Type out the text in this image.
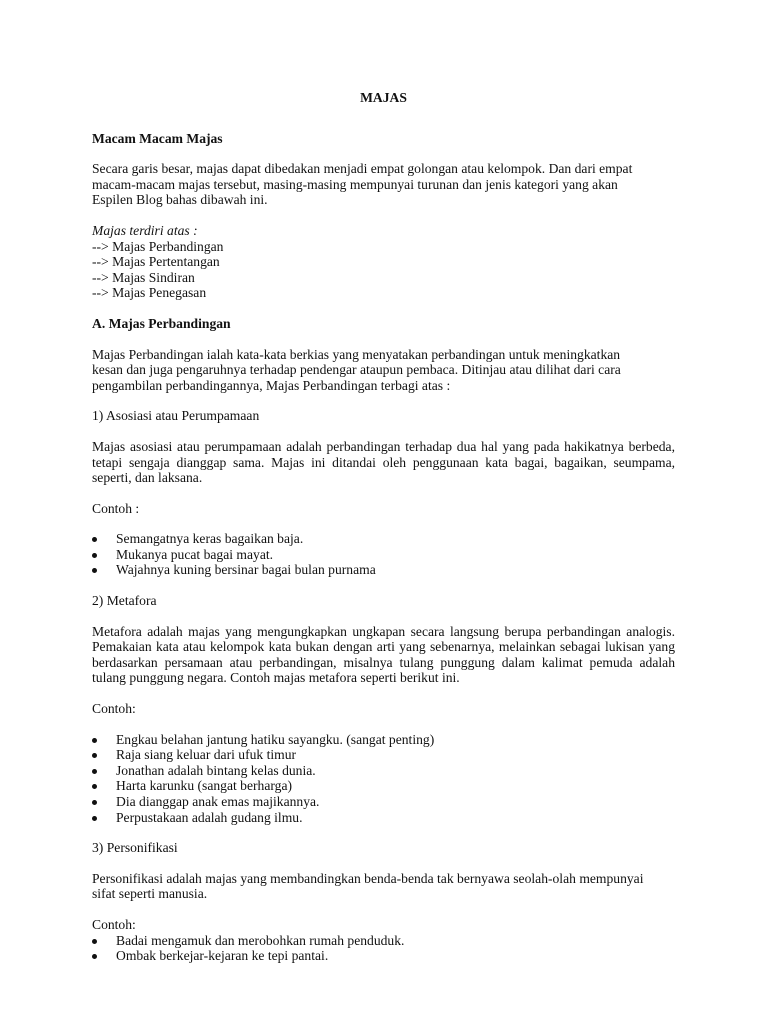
MAJAS
Macam Macam Majas

Secara garis besar, majas dapat dibedakan menjadi empat golongan atau kelompok. Dan dari empat
macam-macam majas tersebut, masing-masing mempunyai turunan dan jenis kategori yang akan
Espilen Blog bahas dibawah ini.

Majas terdiri atas :
--> Majas Perbandingan
--> Majas Pertentangan
--> Majas Sindiran
--> Majas Penegasan

A. Majas Perbandingan

Majas Perbandingan ialah kata-kata berkias yang menyatakan perbandingan untuk meningkatkan
kesan dan juga pengaruhnya terhadap pendengar ataupun pembaca. Ditinjau atau dilihat dari cara
pengambilan perbandingannya, Majas Perbandingan terbagi atas :

1) Asosiasi atau Perumpamaan

Majas asosiasi atau perumpamaan adalah perbandingan terhadap dua hal yang pada hakikatnya berbeda, tetapi sengaja dianggap sama. Majas ini ditandai oleh penggunaan kata bagai, bagaikan, seumpama, seperti, dan laksana.

Contoh :

Semangatnya keras bagaikan baja.
Mukanya pucat bagai mayat.
Wajahnya kuning bersinar bagai bulan purnama

2) Metafora

Metafora adalah majas yang mengungkapkan ungkapan secara langsung berupa perbandingan analogis. Pemakaian kata atau kelompok kata bukan dengan arti yang sebenarnya, melainkan sebagai lukisan yang berdasarkan persamaan atau perbandingan, misalnya tulang punggung dalam kalimat pemuda adalah tulang punggung negara. Contoh majas metafora seperti berikut ini.

Contoh:

Engkau belahan jantung hatiku sayangku. (sangat penting)
Raja siang keluar dari ufuk timur
Jonathan adalah bintang kelas dunia.
Harta karunku (sangat berharga)
Dia dianggap anak emas majikannya.
Perpustakaan adalah gudang ilmu.

3) Personifikasi

Personifikasi adalah majas yang membandingkan benda-benda tak bernyawa seolah-olah mempunyai
sifat seperti manusia.

Contoh:

Badai mengamuk dan merobohkan rumah penduduk.
Ombak berkejar-kejaran ke tepi pantai.
